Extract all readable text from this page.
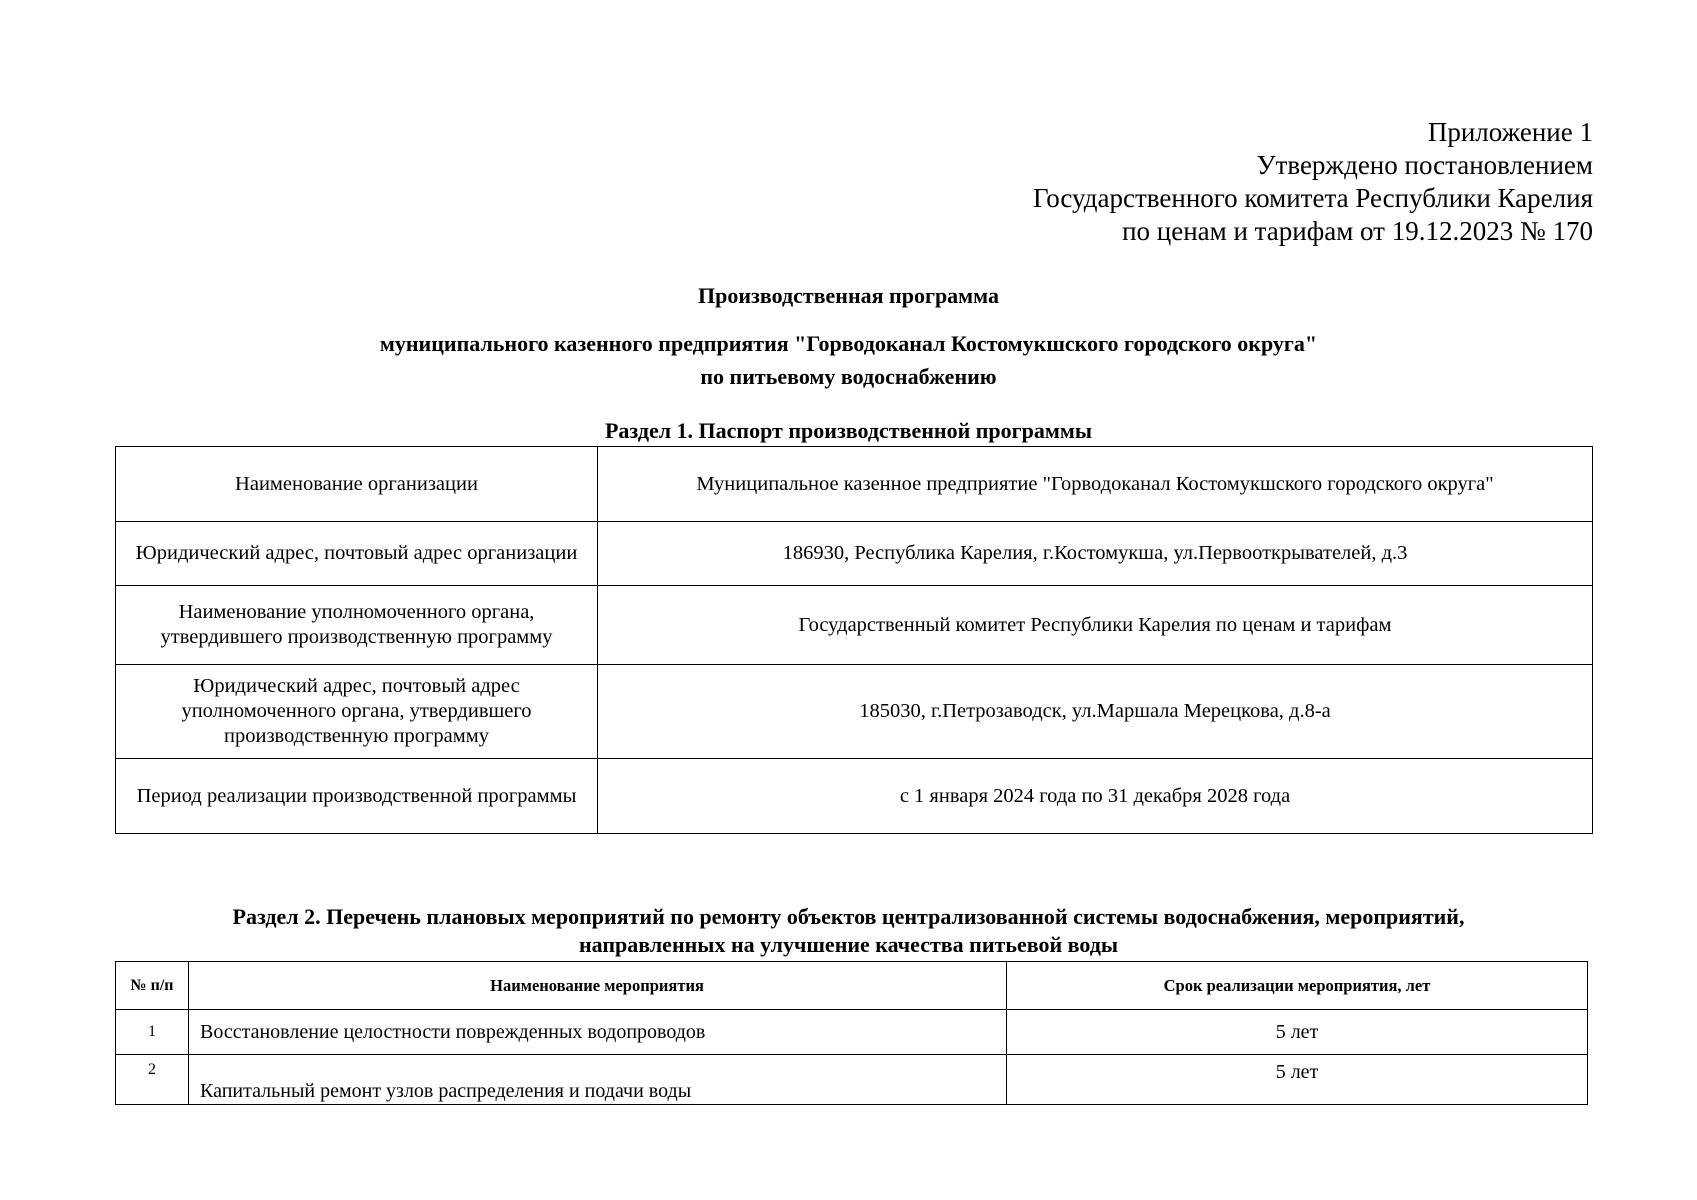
Приложение 1
Утверждено постановлением
Государственного комитета Республики Карелия
по ценам и тарифам от 19.12.2023 № 170
Производственная программа
муниципального казенного предприятия "Горводоканал Костомукшского городского округа"
по питьевому водоснабжению
Раздел 1. Паспорт производственной программы
Наименование организации	Муниципальное казенное предприятие "Горводоканал Костомукшского городского округа"
Юридический адрес, почтовый адрес организации	186930, Республика Карелия, г.Костомукша, ул.Первооткрывателей, д.3
Наименование уполномоченного органа, утвердившего производственную программу	Государственный комитет Республики Карелия по ценам и тарифам
Юридический адрес, почтовый адрес уполномоченного органа, утвердившего производственную программу	185030, г.Петрозаводск, ул.Маршала Мерецкова, д.8-а
Период реализации производственной программы	с 1 января 2024 года по 31 декабря 2028 года
Раздел 2. Перечень плановых мероприятий по ремонту объектов централизованной системы водоснабжения, мероприятий,
направленных на улучшение качества питьевой воды
№ п/п	Наименование мероприятия	Срок реализации мероприятия, лет
1	Восстановление целостности поврежденных водопроводов	5 лет
2	Капитальный ремонт узлов распределения и подачи воды	5 лет
